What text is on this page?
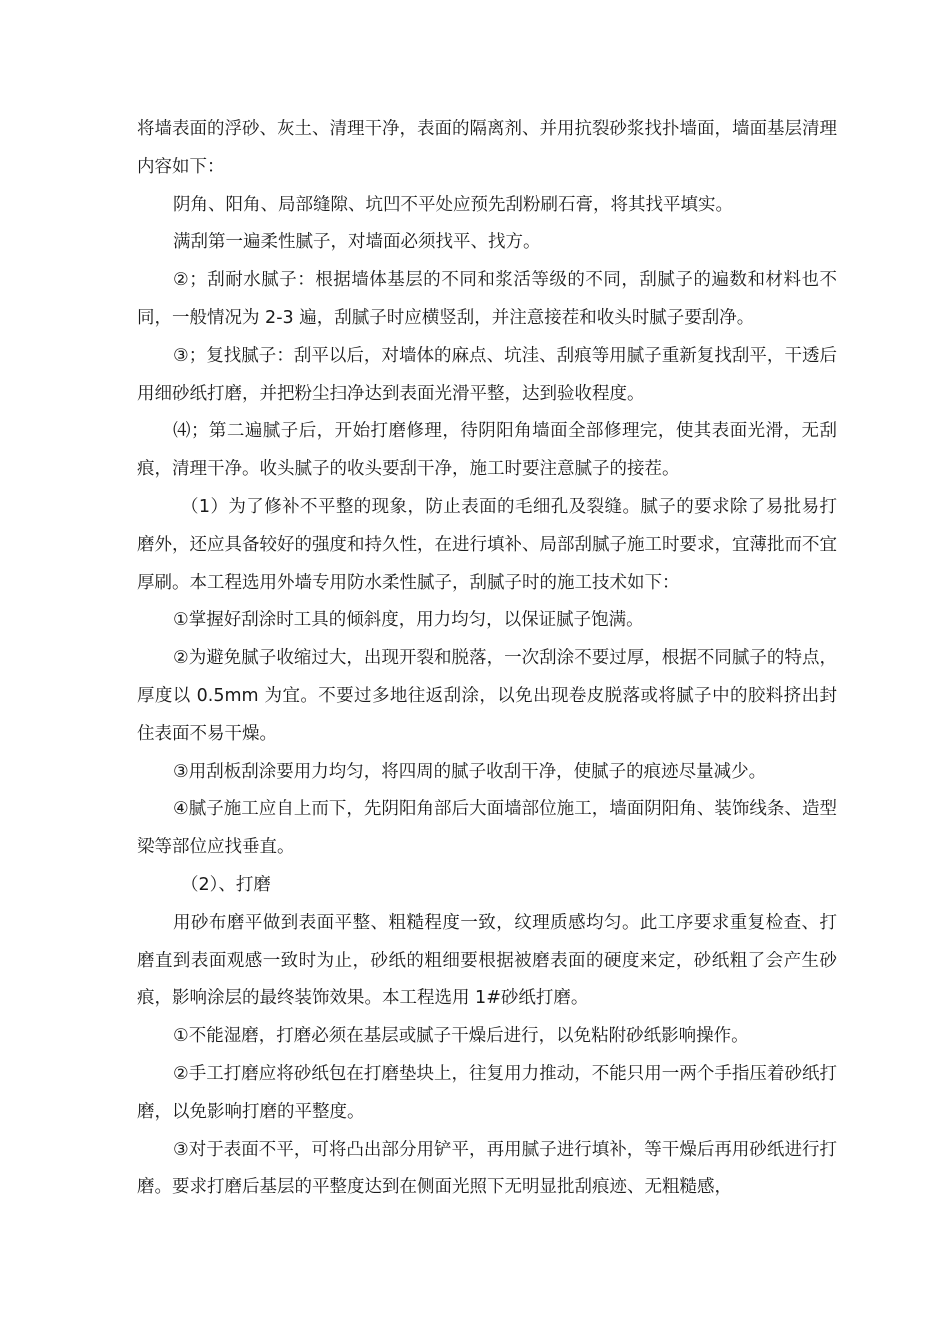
将墙表面的浮砂、灰土、清理干净，表面的隔离剂、并用抗裂砂浆找扑墙面，墙面基层清理内容如下：

阴角、阳角、局部缝隙、坑凹不平处应预先刮粉刷石膏，将其找平填实。

满刮第一遍柔性腻子，对墙面必须找平、找方。

②；刮耐水腻子：根据墙体基层的不同和浆活等级的不同，刮腻子的遍数和材料也不同，一般情况为 2-3 遍，刮腻子时应横竖刮，并注意接茬和收头时腻子要刮净。

③；复找腻子：刮平以后，对墙体的麻点、坑洼、刮痕等用腻子重新复找刮平，干透后用细砂纸打磨，并把粉尘扫净达到表面光滑平整，达到验收程度。

⑷；第二遍腻子后，开始打磨修理，待阴阳角墙面全部修理完，使其表面光滑，无刮痕，清理干净。收头腻子的收头要刮干净，施工时要注意腻子的接茬。

（1）为了修补不平整的现象，防止表面的毛细孔及裂缝。腻子的要求除了易批易打磨外，还应具备较好的强度和持久性，在进行填补、局部刮腻子施工时要求，宜薄批而不宜厚刷。本工程选用外墙专用防水柔性腻子，刮腻子时的施工技术如下：

①掌握好刮涂时工具的倾斜度，用力均匀，以保证腻子饱满。

②为避免腻子收缩过大，出现开裂和脱落，一次刮涂不要过厚，根据不同腻子的特点，厚度以 0.5mm 为宜。不要过多地往返刮涂，以免出现卷皮脱落或将腻子中的胶料挤出封住表面不易干燥。

③用刮板刮涂要用力均匀，将四周的腻子收刮干净，使腻子的痕迹尽量减少。

④腻子施工应自上而下，先阴阳角部后大面墙部位施工，墙面阴阳角、装饰线条、造型梁等部位应找垂直。

（2）、打磨

用砂布磨平做到表面平整、粗糙程度一致，纹理质感均匀。此工序要求重复检查、打磨直到表面观感一致时为止，砂纸的粗细要根据被磨表面的硬度来定，砂纸粗了会产生砂痕，影响涂层的最终装饰效果。本工程选用 1#砂纸打磨。

①不能湿磨，打磨必须在基层或腻子干燥后进行，以免粘附砂纸影响操作。

②手工打磨应将砂纸包在打磨垫块上，往复用力推动，不能只用一两个手指压着砂纸打磨，以免影响打磨的平整度。

③对于表面不平，可将凸出部分用铲平，再用腻子进行填补，等干燥后再用砂纸进行打磨。要求打磨后基层的平整度达到在侧面光照下无明显批刮痕迹、无粗糙感，
